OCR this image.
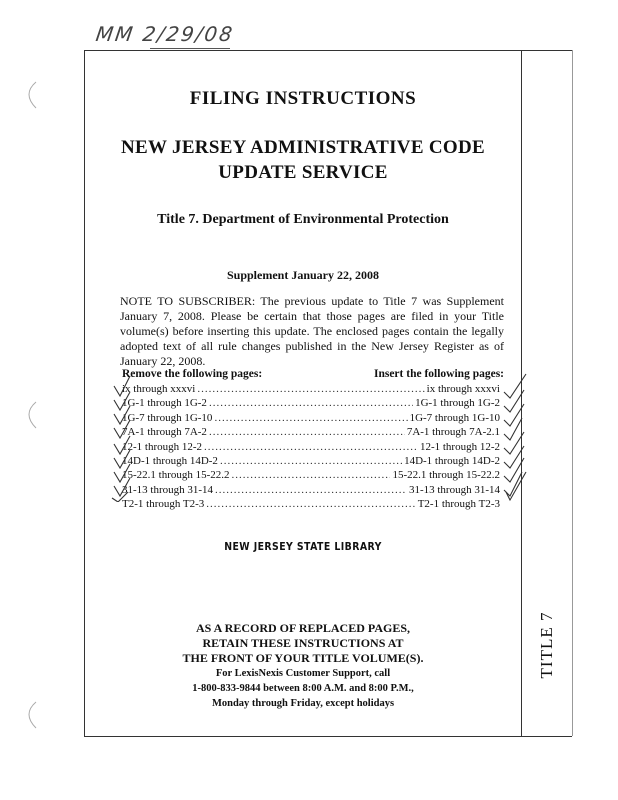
MM 2/29/08
FILING INSTRUCTIONS
NEW JERSEY ADMINISTRATIVE CODE
UPDATE SERVICE
Title 7. Department of Environmental Protection
Supplement January 22, 2008
NOTE TO SUBSCRIBER: The previous update to Title 7 was Supplement January 7, 2008. Please be certain that those pages are filed in your Title volume(s) before inserting this update. The enclosed pages contain the legally adopted text of all rule changes published in the New Jersey Register as of January 22, 2008.
Remove the following pages:	Insert the following pages:
ix through xxxvi .....	ix through xxxvi
1G-1 through 1G-2 .....	1G-1 through 1G-2
1G-7 through 1G-10 .....	1G-7 through 1G-10
7A-1 through 7A-2 .....	7A-1 through 7A-2.1
12-1 through 12-2 .....	12-1 through 12-2
14D-1 through 14D-2 .....	14D-1 through 14D-2
15-22.1 through 15-22.2 .....	15-22.1 through 15-22.2
31-13 through 31-14 .....	31-13 through 31-14
T2-1 through T2-3 .....	T2-1 through T2-3
NEW JERSEY STATE LIBRARY
AS A RECORD OF REPLACED PAGES,
RETAIN THESE INSTRUCTIONS AT
THE FRONT OF YOUR TITLE VOLUME(S).
For LexisNexis Customer Support, call
1-800-833-9844 between 8:00 A.M. and 8:00 P.M.,
Monday through Friday, except holidays
TITLE 7
